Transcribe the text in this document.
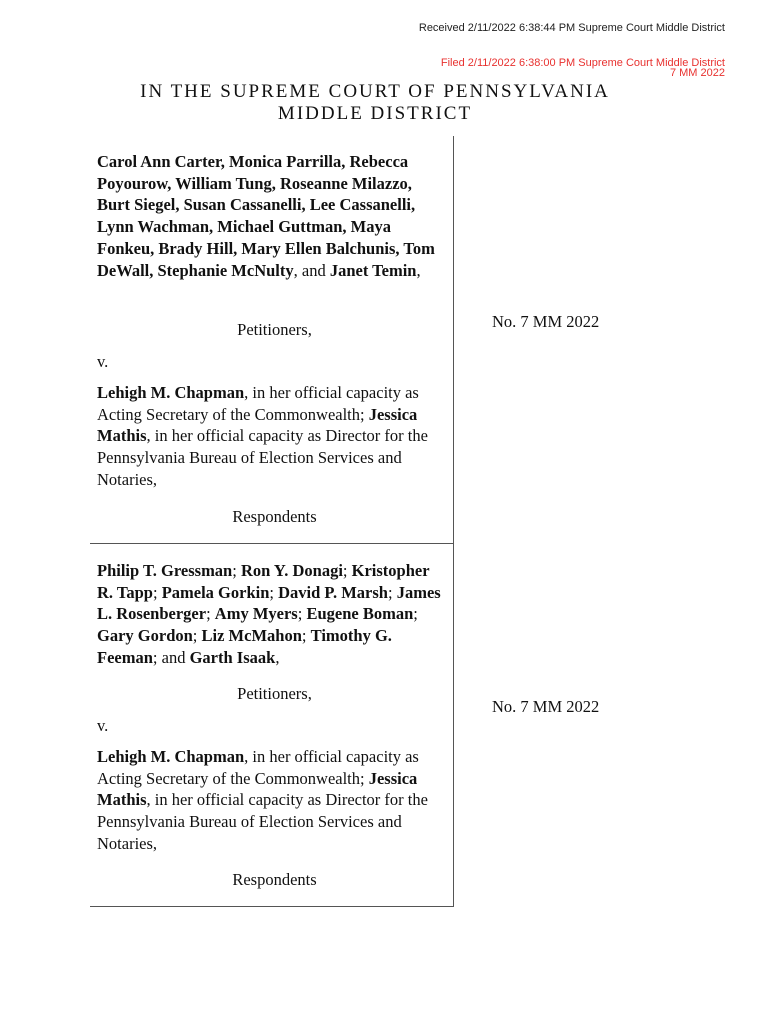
Received 2/11/2022 6:38:44 PM Supreme Court Middle District
Filed 2/11/2022 6:38:00 PM Supreme Court Middle District
7 MM 2022
IN THE SUPREME COURT OF PENNSYLVANIA
MIDDLE DISTRICT
Carol Ann Carter, Monica Parrilla, Rebecca Poyourow, William Tung, Roseanne Milazzo, Burt Siegel, Susan Cassanelli, Lee Cassanelli, Lynn Wachman, Michael Guttman, Maya Fonkeu, Brady Hill, Mary Ellen Balchunis, Tom DeWall, Stephanie McNulty, and Janet Temin,
Petitioners,
v.
Lehigh M. Chapman, in her official capacity as Acting Secretary of the Commonwealth; Jessica Mathis, in her official capacity as Director for the Pennsylvania Bureau of Election Services and Notaries,
Respondents
No. 7 MM 2022
Philip T. Gressman; Ron Y. Donagi; Kristopher R. Tapp; Pamela Gorkin; David P. Marsh; James L. Rosenberger; Amy Myers; Eugene Boman; Gary Gordon; Liz McMahon; Timothy G. Feeman; and Garth Isaak,
Petitioners,
v.
Lehigh M. Chapman, in her official capacity as Acting Secretary of the Commonwealth; Jessica Mathis, in her official capacity as Director for the Pennsylvania Bureau of Election Services and Notaries,
Respondents
No. 7 MM 2022
